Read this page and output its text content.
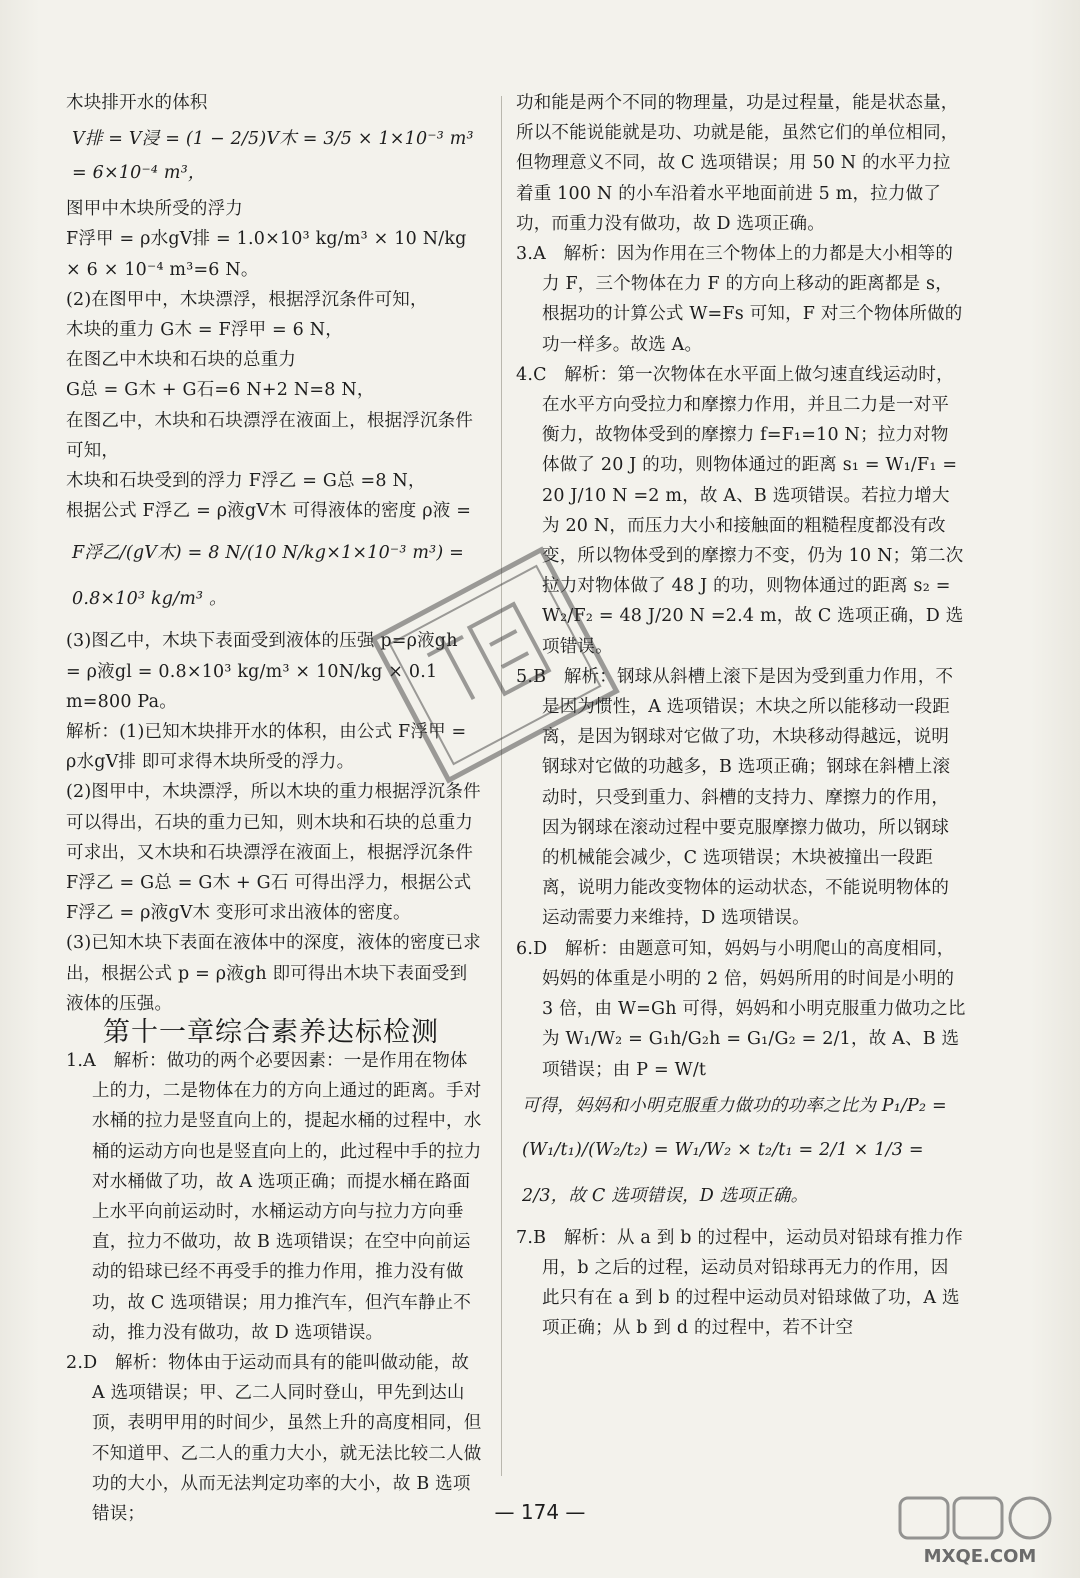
木块排开水的体积

V排 = V浸 = (1 − 2/5)V木 = 3/5 × 1×10⁻³ m³ = 6×10⁻⁴ m³，

图甲中木块所受的浮力

F浮甲 = ρ水gV排 = 1.0×10³ kg/m³ × 10 N/kg × 6 × 10⁻⁴ m³=6 N。

(2)在图甲中，木块漂浮，根据浮沉条件可知，

木块的重力 G木 = F浮甲 = 6 N，

在图乙中木块和石块的总重力

G总 = G木 + G石=6 N+2 N=8 N，

在图乙中，木块和石块漂浮在液面上，根据浮沉条件可知，

木块和石块受到的浮力 F浮乙 = G总 =8 N，

根据公式 F浮乙 = ρ液gV木 可得液体的密度 ρ液 =

F浮乙/(gV木) = 8 N/(10 N/kg×1×10⁻³ m³) = 0.8×10³ kg/m³ 。

(3)图乙中，木块下表面受到液体的压强 p=ρ液gh

= ρ液gl = 0.8×10³ kg/m³ × 10N/kg × 0.1 m=800 Pa。

解析：(1)已知木块排开水的体积，由公式 F浮甲 = ρ水gV排 即可求得木块所受的浮力。

(2)图甲中，木块漂浮，所以木块的重力根据浮沉条件可以得出，石块的重力已知，则木块和石块的总重力可求出，又木块和石块漂浮在液面上，根据浮沉条件 F浮乙 = G总 = G木 + G石 可得出浮力，根据公式 F浮乙 = ρ液gV木 变形可求出液体的密度。

(3)已知木块下表面在液体中的深度，液体的密度已求出，根据公式 p = ρ液gh 即可得出木块下表面受到液体的压强。

第十一章综合素养达标检测

1.A　解析：做功的两个必要因素：一是作用在物体上的力，二是物体在力的方向上通过的距离。手对水桶的拉力是竖直向上的，提起水桶的过程中，水桶的运动方向也是竖直向上的，此过程中手的拉力对水桶做了功，故 A 选项正确；而提水桶在路面上水平向前运动时，水桶运动方向与拉力方向垂直，拉力不做功，故 B 选项错误；在空中向前运动的铅球已经不再受手的推力作用，推力没有做功，故 C 选项错误；用力推汽车，但汽车静止不动，推力没有做功，故 D 选项错误。

2.D　解析：物体由于运动而具有的能叫做动能，故 A 选项错误；甲、乙二人同时登山，甲先到达山顶，表明甲用的时间少，虽然上升的高度相同，但不知道甲、乙二人的重力大小，就无法比较二人做功的大小，从而无法判定功率的大小，故 B 选项错误；

功和能是两个不同的物理量，功是过程量，能是状态量，所以不能说能就是功、功就是能，虽然它们的单位相同，但物理意义不同，故 C 选项错误；用 50 N 的水平力拉着重 100 N 的小车沿着水平地面前进 5 m，拉力做了功，而重力没有做功，故 D 选项正确。

3.A　解析：因为作用在三个物体上的力都是大小相等的力 F，三个物体在力 F 的方向上移动的距离都是 s，根据功的计算公式 W=Fs 可知，F 对三个物体所做的功一样多。故选 A。

4.C　解析：第一次物体在水平面上做匀速直线运动时，在水平方向受拉力和摩擦力作用，并且二力是一对平衡力，故物体受到的摩擦力 f=F₁=10 N；拉力对物体做了 20 J 的功，则物体通过的距离 s₁ = W₁/F₁ = 20 J/10 N =2 m，故 A、B 选项错误。若拉力增大为 20 N，而压力大小和接触面的粗糙程度都没有改变，所以物体受到的摩擦力不变，仍为 10 N；第二次拉力对物体做了 48 J 的功，则物体通过的距离 s₂ = W₂/F₂ = 48 J/20 N =2.4 m，故 C 选项正确，D 选项错误。

5.B　解析：钢球从斜槽上滚下是因为受到重力作用，不是因为惯性，A 选项错误；木块之所以能移动一段距离，是因为钢球对它做了功，木块移动得越远，说明钢球对它做的功越多，B 选项正确；钢球在斜槽上滚动时，只受到重力、斜槽的支持力、摩擦力的作用，因为钢球在滚动过程中要克服摩擦力做功，所以钢球的机械能会减少，C 选项错误；木块被撞出一段距离，说明力能改变物体的运动状态，不能说明物体的运动需要力来维持，D 选项错误。

6.D　解析：由题意可知，妈妈与小明爬山的高度相同，妈妈的体重是小明的 2 倍，妈妈所用的时间是小明的 3 倍，由 W=Gh 可得，妈妈和小明克服重力做功之比为 W₁/W₂ = G₁h/G₂h = G₁/G₂ = 2/1，故 A、B 选项错误；由 P = W/t

可得，妈妈和小明克服重力做功的功率之比为 P₁/P₂ =

(W₁/t₁)/(W₂/t₂) = W₁/W₂ × t₂/t₁ = 2/1 × 1/3 = 2/3，故 C 选项错误，D 选项正确。

7.B　解析：从 a 到 b 的过程中，运动员对铅球有推力作用，b 之后的过程，运动员对铅球再无力的作用，因此只有在 a 到 b 的过程中运动员对铅球做了功，A 选项正确；从 b 到 d 的过程中，若不计空

— 174 —
MXQE.COM
